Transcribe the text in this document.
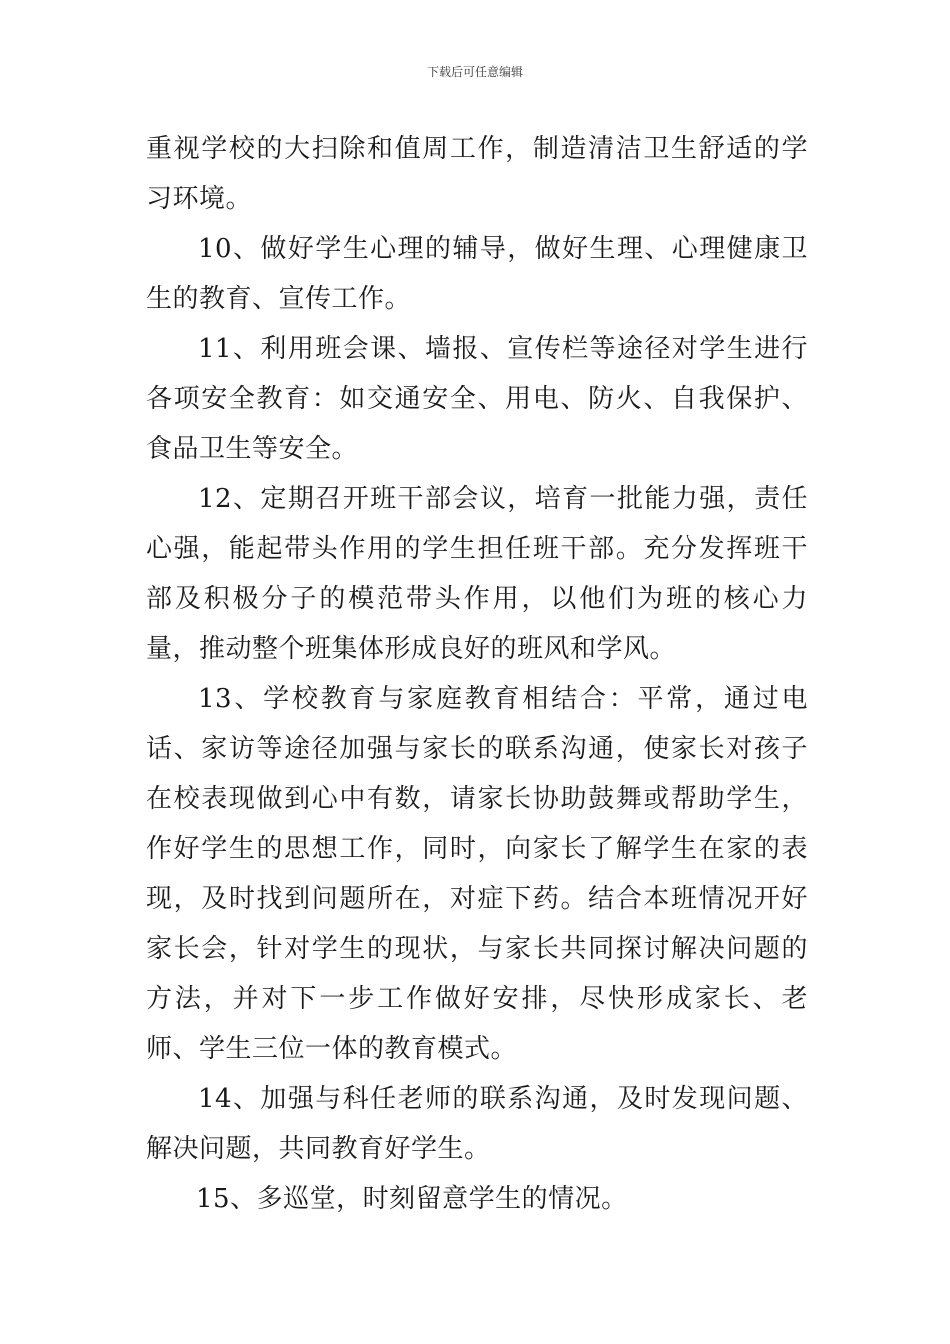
下载后可任意编辑

重视学校的大扫除和值周工作，制造清洁卫生舒适的学习环境。

10、做好学生心理的辅导，做好生理、心理健康卫生的教育、宣传工作。

11、利用班会课、墙报、宣传栏等途径对学生进行各项安全教育：如交通安全、用电、防火、自我保护、食品卫生等安全。

12、定期召开班干部会议，培育一批能力强，责任心强，能起带头作用的学生担任班干部。充分发挥班干部及积极分子的模范带头作用，以他们为班的核心力量，推动整个班集体形成良好的班风和学风。

13、学校教育与家庭教育相结合：平常，通过电话、家访等途径加强与家长的联系沟通，使家长对孩子在校表现做到心中有数，请家长协助鼓舞或帮助学生，作好学生的思想工作，同时，向家长了解学生在家的表现，及时找到问题所在，对症下药。结合本班情况开好家长会，针对学生的现状，与家长共同探讨解决问题的方法，并对下一步工作做好安排，尽快形成家长、老师、学生三位一体的教育模式。

14、加强与科任老师的联系沟通，及时发现问题、解决问题，共同教育好学生。

15、多巡堂，时刻留意学生的情况。
